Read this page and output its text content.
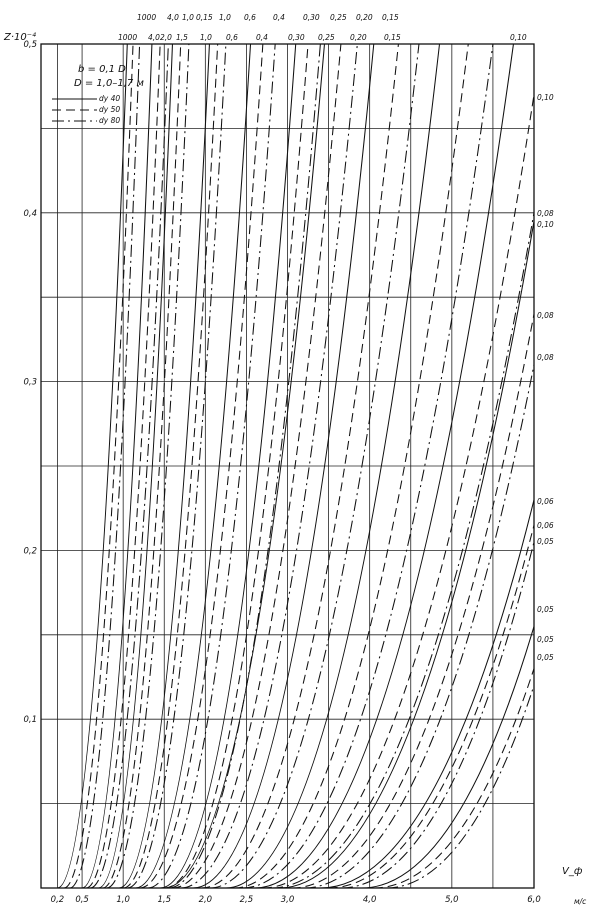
0,2 0,5	1,0	1,5	2,0	2,5	3,0	4,0	5,0	6,0
0,1
0,2
0,3
0,4
0,5
1000 4,0 1,0 0,15 1,0 0,6 0,4 0,30 0,25 0,20 0,15
1000 4,0 2,0 1,5 1,0 0,6 0,4	0,30 0,25 0,20 0,15	0,10
0,10
0,08
0,10
0,08
0,08
0,06
0,06
0,05
0,05
0,05
0,05
Z·10⁻⁴
V_ф
м/с
b = 0,1 D
D = 1,0–1,7 м
dy 40
dy 50
dy 80
